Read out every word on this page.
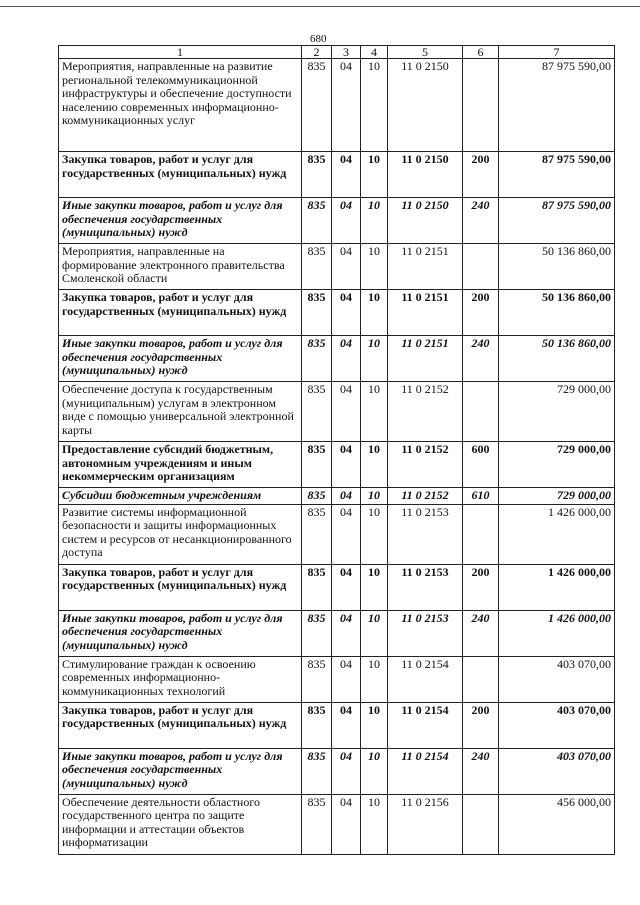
680
1	2	3	4	5	6	7
Мероприятия, направленные на развитие региональной телекоммуникационной инфраструктуры и обеспечение доступности населению современных информационно-коммуникационных услуг	835	04	10	11 0 2150		87 975 590,00
Закупка товаров, работ и услуг для государственных (муниципальных) нужд	835	04	10	11 0 2150	200	87 975 590,00
Иные закупки товаров, работ и услуг для обеспечения государственных (муниципальных) нужд	835	04	10	11 0 2150	240	87 975 590,00
Мероприятия, направленные на формирование электронного правительства Смоленской области	835	04	10	11 0 2151		50 136 860,00
Закупка товаров, работ и услуг для государственных (муниципальных) нужд	835	04	10	11 0 2151	200	50 136 860,00
Иные закупки товаров, работ и услуг для обеспечения государственных (муниципальных) нужд	835	04	10	11 0 2151	240	50 136 860,00
Обеспечение доступа к государственным (муниципальным) услугам в электронном виде с помощью универсальной электронной карты	835	04	10	11 0 2152		729 000,00
Предоставление субсидий бюджетным, автономным учреждениям и иным некоммерческим организациям	835	04	10	11 0 2152	600	729 000,00
Субсидии бюджетным учреждениям	835	04	10	11 0 2152	610	729 000,00
Развитие системы информационной безопасности и защиты информационных систем и ресурсов от несанкционированного доступа	835	04	10	11 0 2153		1 426 000,00
Закупка товаров, работ и услуг для государственных (муниципальных) нужд	835	04	10	11 0 2153	200	1 426 000,00
Иные закупки товаров, работ и услуг для обеспечения государственных (муниципальных) нужд	835	04	10	11 0 2153	240	1 426 000,00
Стимулирование граждан к освоению современных информационно-коммуникационных технологий	835	04	10	11 0 2154		403 070,00
Закупка товаров, работ и услуг для государственных (муниципальных) нужд	835	04	10	11 0 2154	200	403 070,00
Иные закупки товаров, работ и услуг для обеспечения государственных (муниципальных) нужд	835	04	10	11 0 2154	240	403 070,00
Обеспечение деятельности областного государственного центра по защите информации и аттестации объектов информатизации	835	04	10	11 0 2156		456 000,00
